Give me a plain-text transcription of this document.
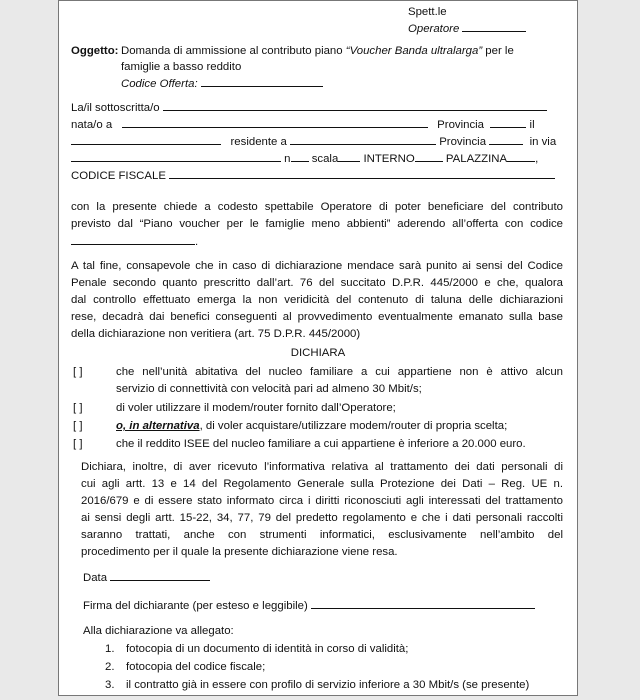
Spett.le
Operatore
Oggetto: Domanda di ammissione al contributo piano “Voucher Banda ultralarga” per le
famiglie a basso reddito
Codice Offerta:
La/il sottoscritta/o
nata/o a	Provincia	il
residente a	Provincia	in via
n scala INTERNO	PALAZZINA ,
CODICE FISCALE
con la presente chiede a codesto spettabile Operatore di poter beneficiare del contributo
previsto dal “Piano voucher per le famiglie meno abbienti” aderendo all’offerta con codice
.
A tal fine, consapevole che in caso di dichiarazione mendace sarà punito ai sensi del Codice
Penale secondo quanto prescritto dall’art. 76 del succitato D.P.R. 445/2000 e che, qualora
dal controllo effettuato emerga la non veridicità del contenuto di taluna delle dichiarazioni
rese, decadrà dai benefici conseguenti al provvedimento eventualmente emanato sulla base
della dichiarazione non veritiera (art. 75 D.P.R. 445/2000)
DICHIARA
[ ]	che nell’unità abitativa del nucleo familiare a cui appartiene non è attivo alcun
servizio di connettività con velocità pari ad almeno 30 Mbit/s;
[ ]	di voler utilizzare il modem/router fornito dall’Operatore;
[ ]	o, in alternativa, di voler acquistare/utilizzare modem/router di propria scelta;
[ ]	che il reddito ISEE del nucleo familiare a cui appartiene è inferiore a 20.000 euro.
Dichiara, inoltre, di aver ricevuto l’informativa relativa al trattamento dei dati personali di
cui agli artt. 13 e 14 del Regolamento Generale sulla Protezione dei Dati – Reg. UE n.
2016/679 e di essere stato informato circa i diritti riconosciuti agli interessati del trattamento
ai sensi degli artt. 15-22, 34, 77, 79 del predetto regolamento e che i dati personali raccolti
saranno trattati, anche con strumenti informatici, esclusivamente nell’ambito del
procedimento per il quale la presente dichiarazione viene resa.
Data
Firma del dichiarante (per esteso e leggibile)
Alla dichiarazione va allegato:
1. fotocopia di un documento di identità in corso di validità;
2. fotocopia del codice fiscale;
3. il contratto già in essere con profilo di servizio inferiore a 30 Mbit/s (se presente)
